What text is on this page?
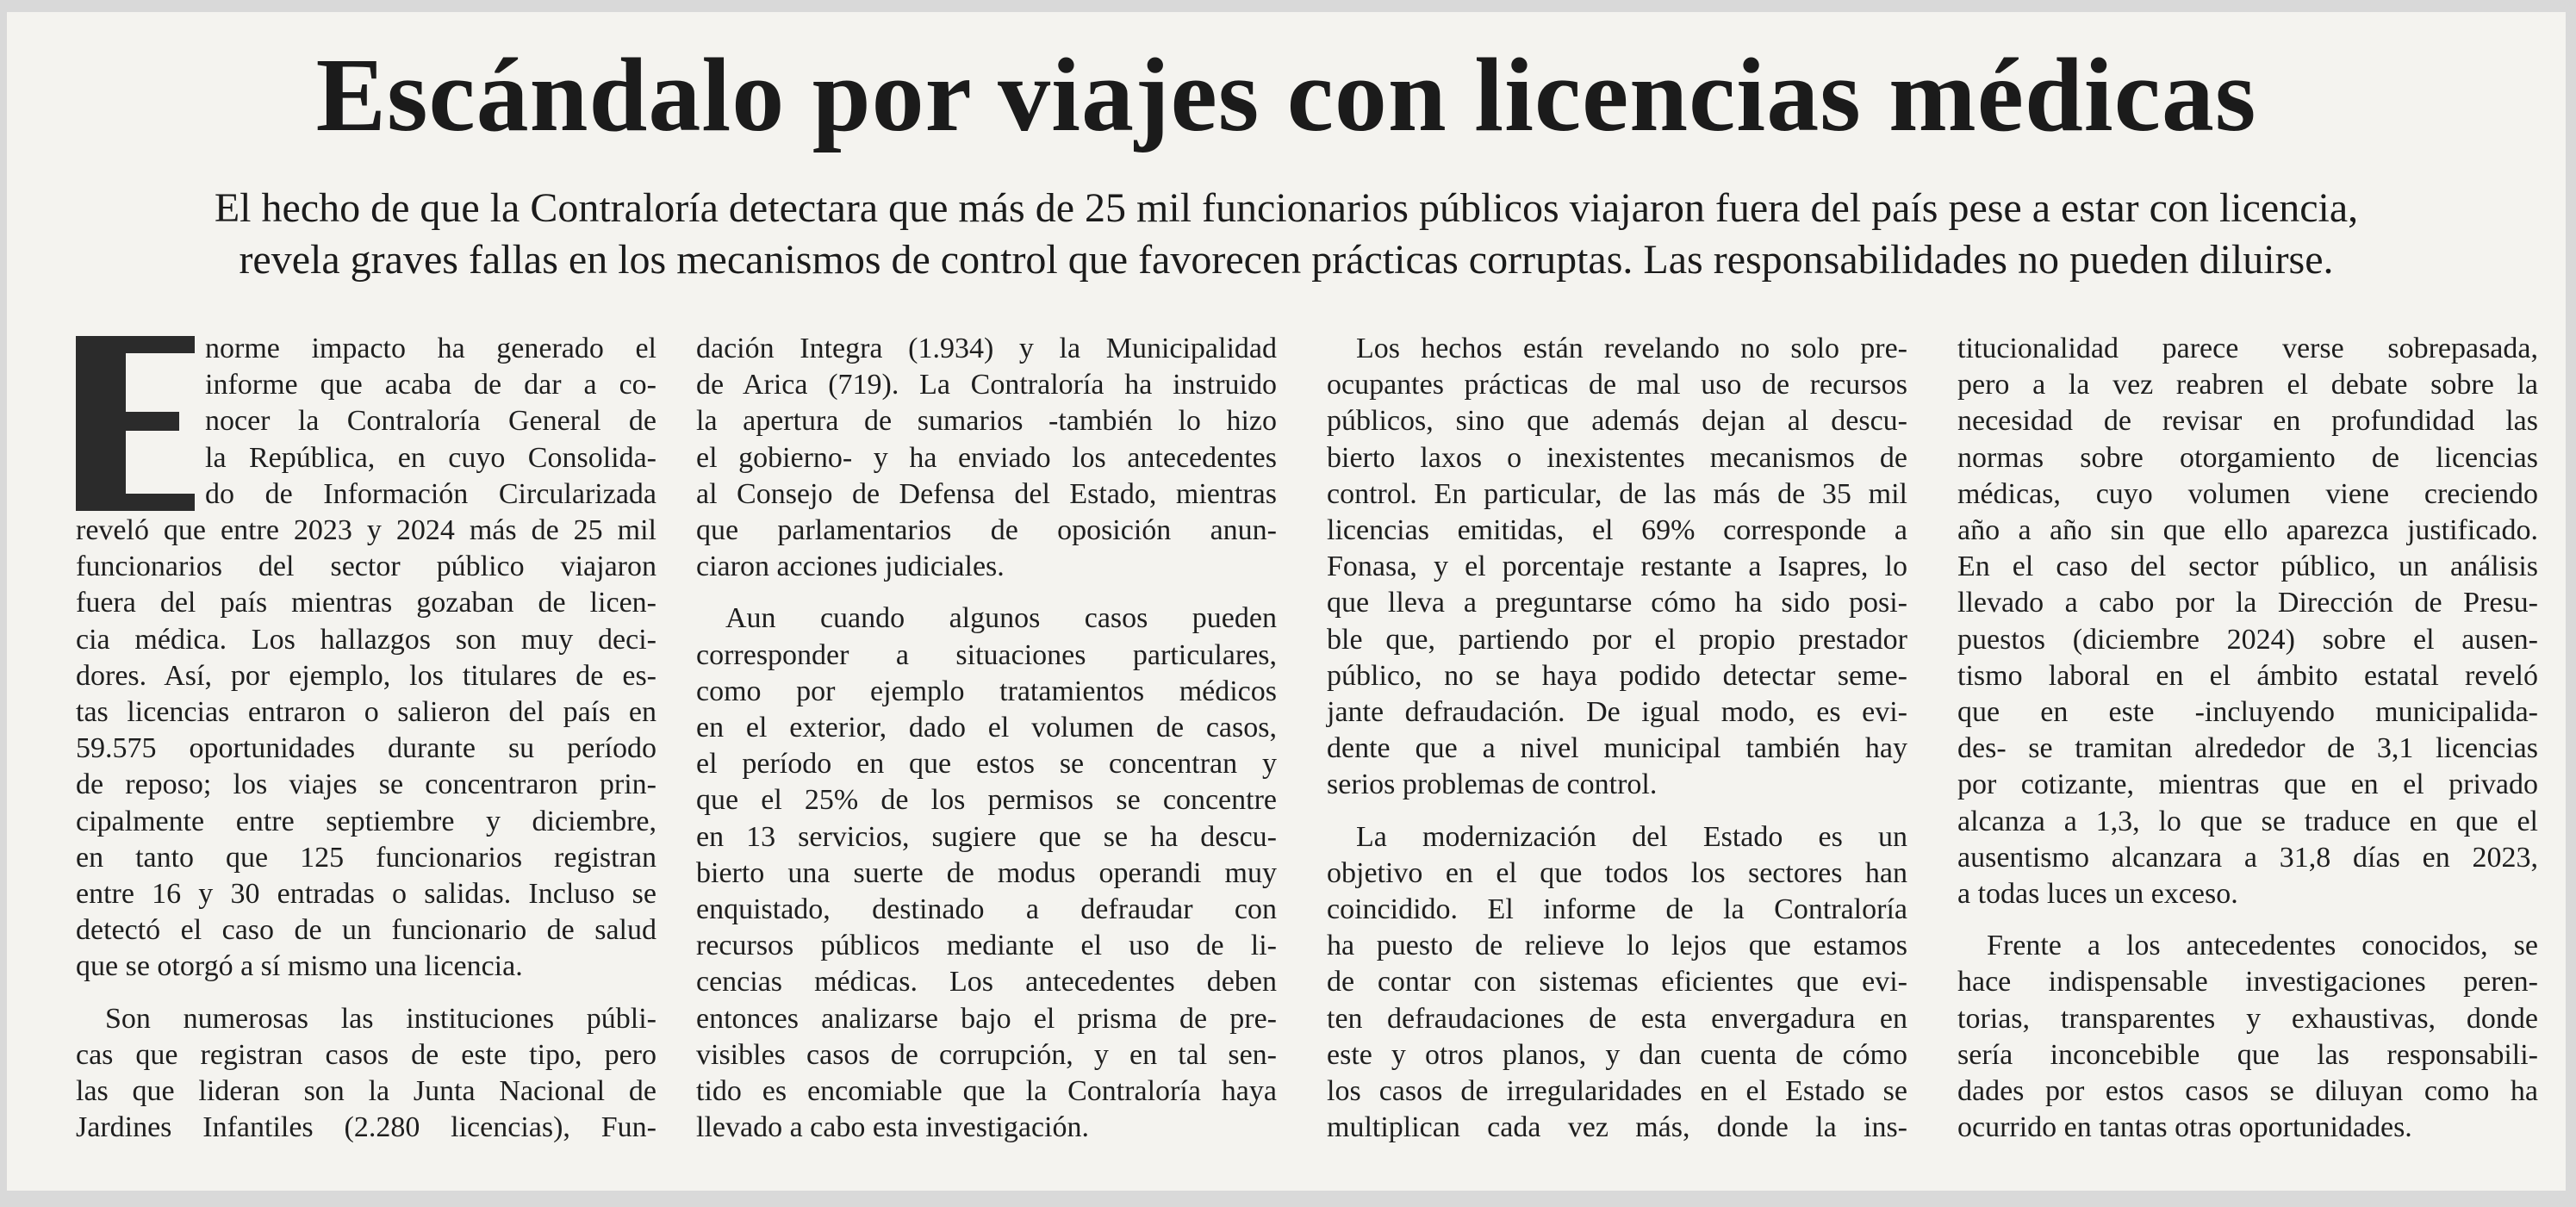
Escándalo por viajes con licencias médicas

El hecho de que la Contraloría detectara que más de 25 mil funcionarios públicos viajaron fuera del país pese a estar con licencia,

revela graves fallas en los mecanismos de control que favorecen prácticas corruptas. Las responsabilidades no pueden diluirse.

norme impacto ha generado el

informe que acaba de dar a co-

nocer la Contraloría General de

la República, en cuyo Consolida-

do de Información Circularizada

reveló que entre 2023 y 2024 más de 25 mil

funcionarios del sector público viajaron

fuera del país mientras gozaban de licen-

cia médica. Los hallazgos son muy deci-

dores. Así, por ejemplo, los titulares de es-

tas licencias entraron o salieron del país en

59.575 oportunidades durante su período

de reposo; los viajes se concentraron prin-

cipalmente entre septiembre y diciembre,

en tanto que 125 funcionarios registran

entre 16 y 30 entradas o salidas. Incluso se

detectó el caso de un funcionario de salud

que se otorgó a sí mismo una licencia.

Son numerosas las instituciones públi-

cas que registran casos de este tipo, pero

las que lideran son la Junta Nacional de

Jardines Infantiles (2.280 licencias), Fun-

dación Integra (1.934) y la Municipalidad

de Arica (719). La Contraloría ha instruido

la apertura de sumarios -también lo hizo

el gobierno- y ha enviado los antecedentes

al Consejo de Defensa del Estado, mientras

que parlamentarios de oposición anun-

ciaron acciones judiciales.

Aun cuando algunos casos pueden

corresponder a situaciones particulares,

como por ejemplo tratamientos médicos

en el exterior, dado el volumen de casos,

el período en que estos se concentran y

que el 25% de los permisos se concentre

en 13 servicios, sugiere que se ha descu-

bierto una suerte de modus operandi muy

enquistado, destinado a defraudar con

recursos públicos mediante el uso de li-

cencias médicas. Los antecedentes deben

entonces analizarse bajo el prisma de pre-

visibles casos de corrupción, y en tal sen-

tido es encomiable que la Contraloría haya

llevado a cabo esta investigación.

Los hechos están revelando no solo pre-

ocupantes prácticas de mal uso de recursos

públicos, sino que además dejan al descu-

bierto laxos o inexistentes mecanismos de

control. En particular, de las más de 35 mil

licencias emitidas, el 69% corresponde a

Fonasa, y el porcentaje restante a Isapres, lo

que lleva a preguntarse cómo ha sido posi-

ble que, partiendo por el propio prestador

público, no se haya podido detectar seme-

jante defraudación. De igual modo, es evi-

dente que a nivel municipal también hay

serios problemas de control.

La modernización del Estado es un

objetivo en el que todos los sectores han

coincidido. El informe de la Contraloría

ha puesto de relieve lo lejos que estamos

de contar con sistemas eficientes que evi-

ten defraudaciones de esta envergadura en

este y otros planos, y dan cuenta de cómo

los casos de irregularidades en el Estado se

multiplican cada vez más, donde la ins-

titucionalidad parece verse sobrepasada,

pero a la vez reabren el debate sobre la

necesidad de revisar en profundidad las

normas sobre otorgamiento de licencias

médicas, cuyo volumen viene creciendo

año a año sin que ello aparezca justificado.

En el caso del sector público, un análisis

llevado a cabo por la Dirección de Presu-

puestos (diciembre 2024) sobre el ausen-

tismo laboral en el ámbito estatal reveló

que en este -incluyendo municipalida-

des- se tramitan alrededor de 3,1 licencias

por cotizante, mientras que en el privado

alcanza a 1,3, lo que se traduce en que el

ausentismo alcanzara a 31,8 días en 2023,

a todas luces un exceso.

Frente a los antecedentes conocidos, se

hace indispensable investigaciones peren-

torias, transparentes y exhaustivas, donde

sería inconcebible que las responsabili-

dades por estos casos se diluyan como ha

ocurrido en tantas otras oportunidades.
